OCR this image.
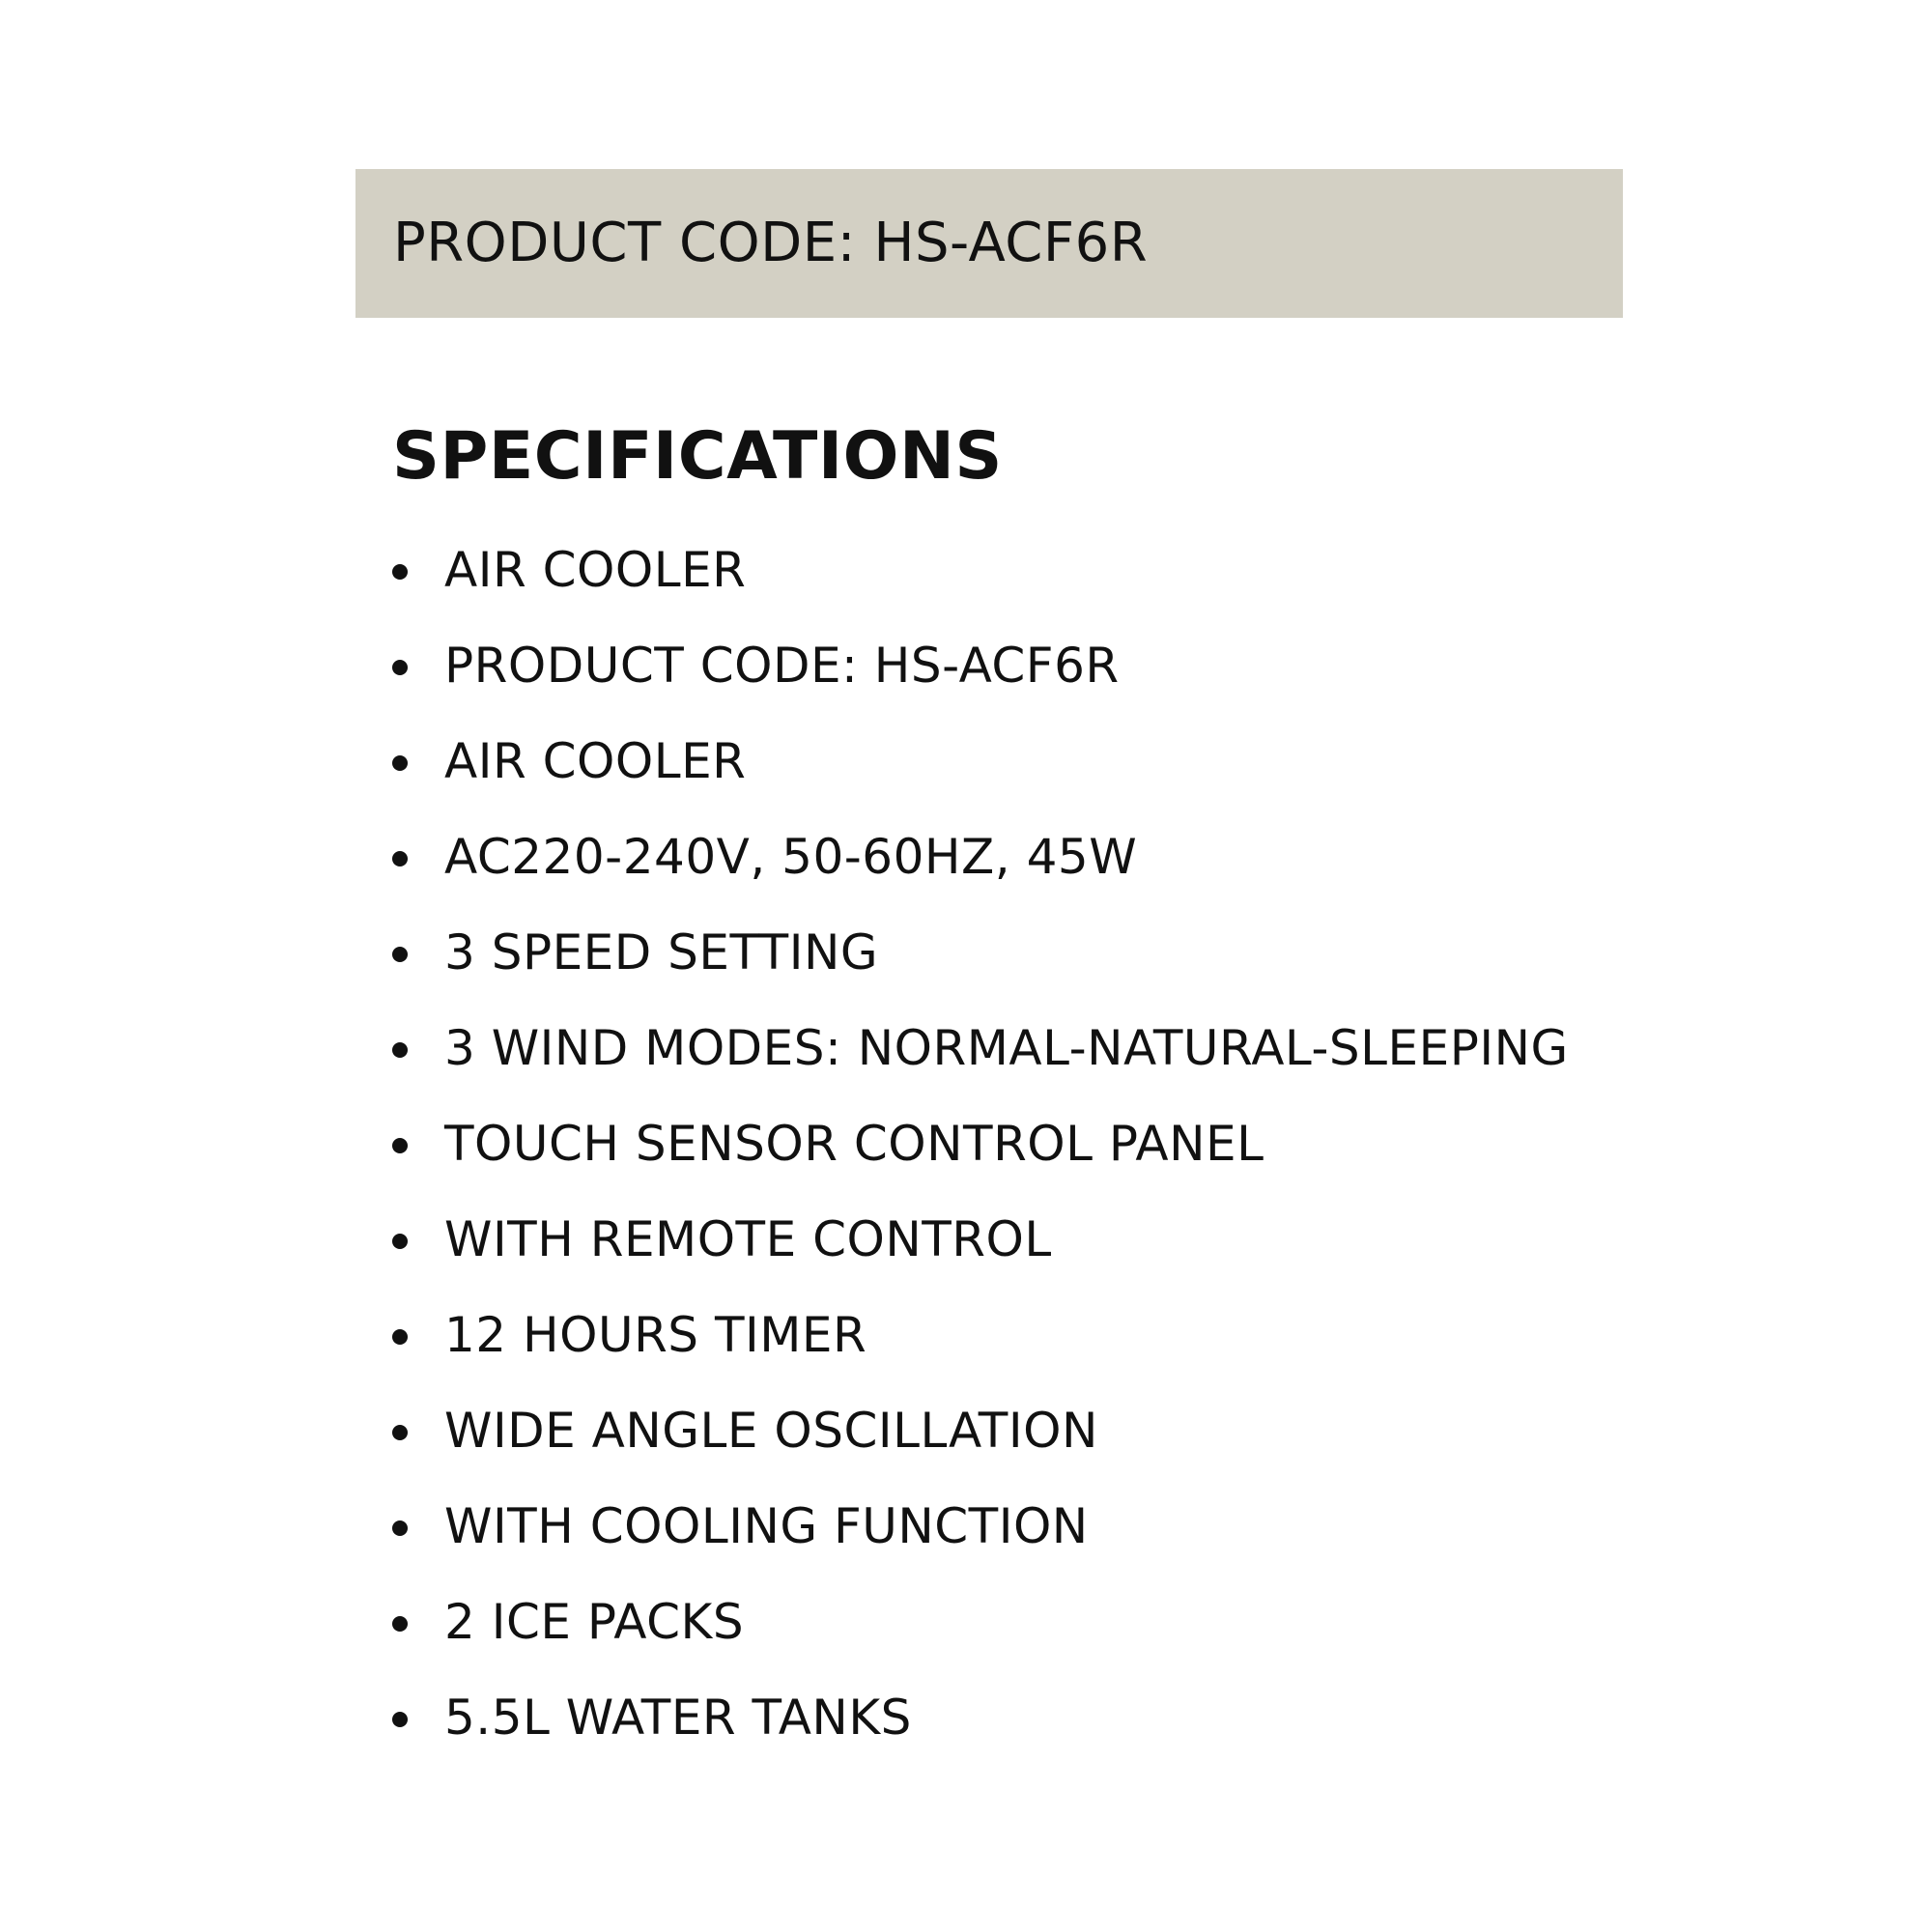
PRODUCT CODE: HS-ACF6R
SPECIFICATIONS
AIR COOLER
PRODUCT CODE: HS-ACF6R
AIR COOLER
AC220-240V, 50-60HZ, 45W
3 SPEED SETTING
3 WIND MODES: NORMAL-NATURAL-SLEEPING
TOUCH SENSOR CONTROL PANEL
WITH REMOTE CONTROL
12 HOURS TIMER
WIDE ANGLE OSCILLATION
WITH COOLING FUNCTION
2 ICE PACKS
5.5L WATER TANKS
